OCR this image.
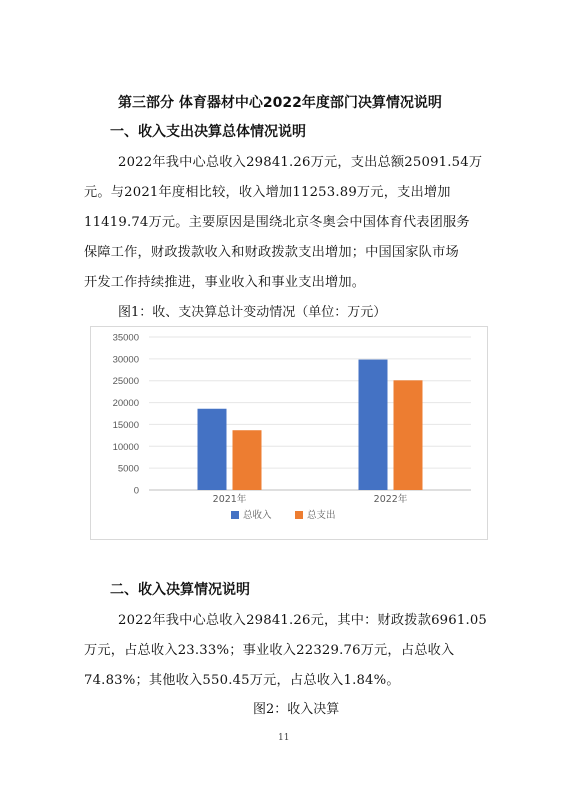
第三部分 体育器材中心2022年度部门决算情况说明
一、收入支出决算总体情况说明
2022年我中心总收入29841.26万元，支出总额25091.54万
元。与2021年度相比较，收入增加11253.89万元，支出增加
11419.74万元。主要原因是围绕北京冬奥会中国体育代表团服务
保障工作，财政拨款收入和财政拨款支出增加；中国国家队市场
开发工作持续推进，事业收入和事业支出增加。
图1：收、支决算总计变动情况（单位：万元）
35000
30000
25000
20000
15000
10000
5000
0
2021年	2022年
总收入	总支出
二、收入决算情况说明
2022年我中心总收入29841.26元，其中：财政拨款6961.05
万元，占总收入23.33%；事业收入22329.76万元，占总收入
74.83%；其他收入550.45万元，占总收入1.84%。
图2：收入决算
11
